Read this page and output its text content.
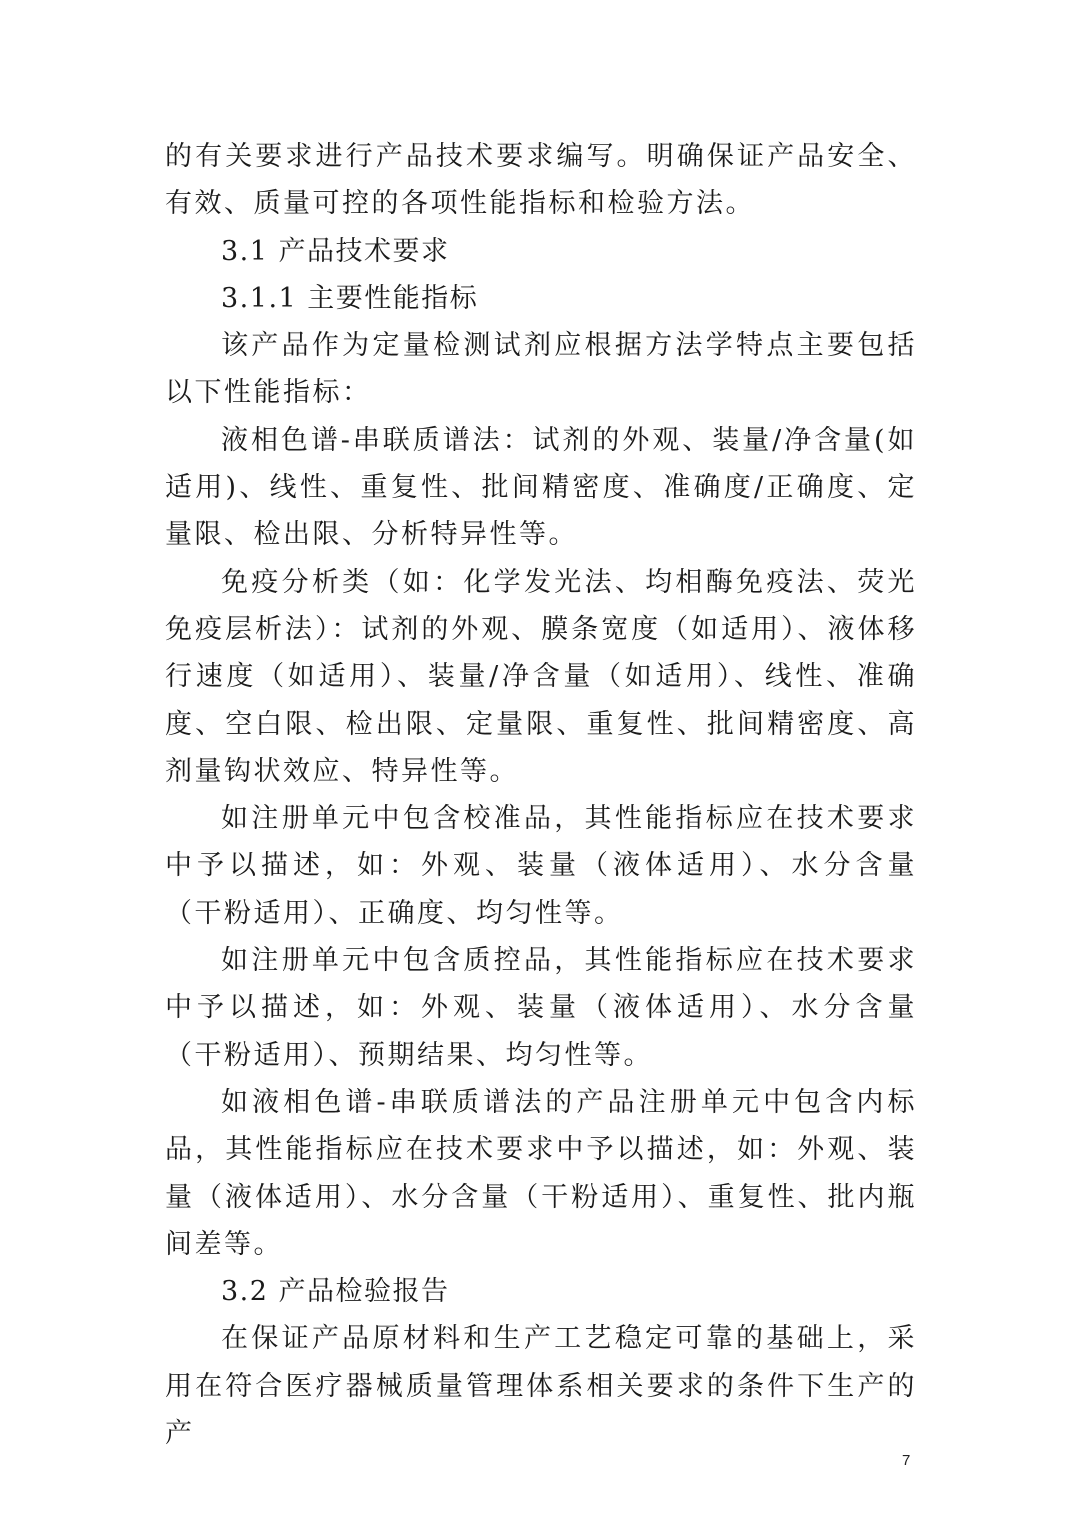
的有关要求进行产品技术要求编写。明确保证产品安全、有效、质量可控的各项性能指标和检验方法。

3.1 产品技术要求

3.1.1 主要性能指标

该产品作为定量检测试剂应根据方法学特点主要包括以下性能指标：

液相色谱-串联质谱法：试剂的外观、装量/净含量(如适用)、线性、重复性、批间精密度、准确度/正确度、定量限、检出限、分析特异性等。

免疫分析类（如：化学发光法、均相酶免疫法、荧光免疫层析法）：试剂的外观、膜条宽度（如适用）、液体移行速度（如适用）、装量/净含量（如适用）、线性、准确度、空白限、检出限、定量限、重复性、批间精密度、高剂量钩状效应、特异性等。

如注册单元中包含校准品，其性能指标应在技术要求中予以描述，如：外观、装量（液体适用）、水分含量（干粉适用）、正确度、均匀性等。

如注册单元中包含质控品，其性能指标应在技术要求中予以描述，如：外观、装量（液体适用）、水分含量（干粉适用）、预期结果、均匀性等。

如液相色谱-串联质谱法的产品注册单元中包含内标品，其性能指标应在技术要求中予以描述，如：外观、装量（液体适用）、水分含量（干粉适用）、重复性、批内瓶间差等。

3.2 产品检验报告

在保证产品原材料和生产工艺稳定可靠的基础上，采用在符合医疗器械质量管理体系相关要求的条件下生产的产

7
